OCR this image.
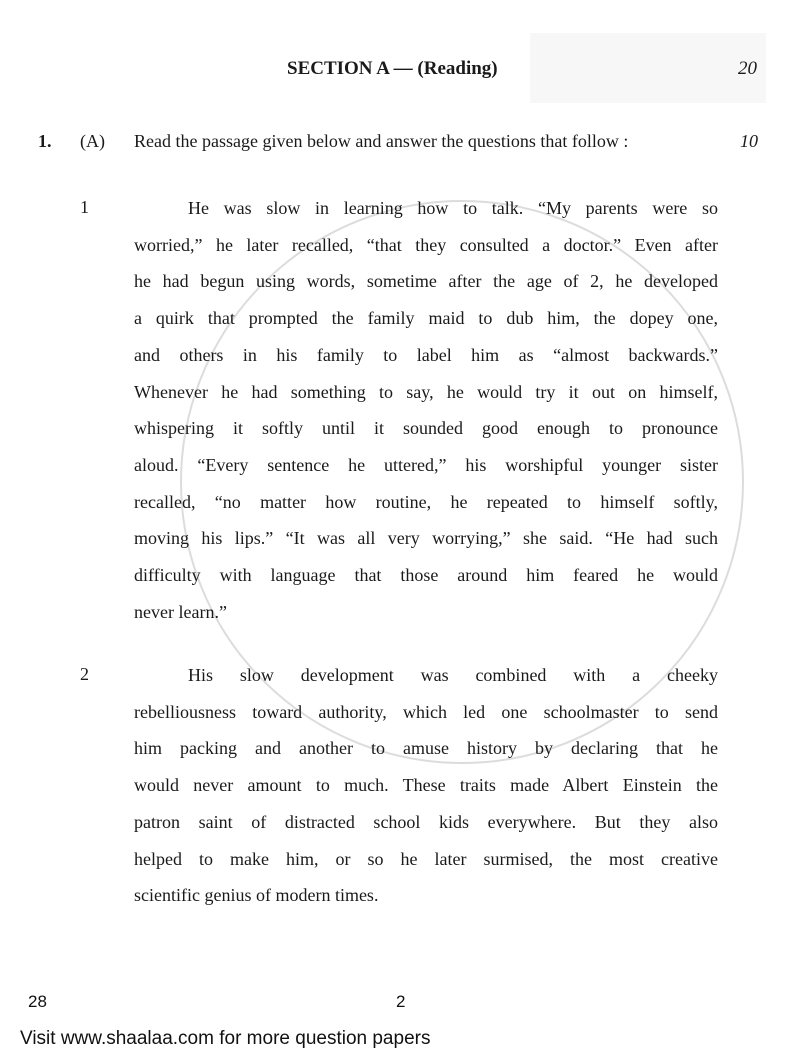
SECTION A — (Reading)	20
1. (A) Read the passage given below and answer the questions that follow :	10
1	He was slow in learning how to talk. “My parents were so
worried,” he later recalled, “that they consulted a doctor.” Even after
he had begun using words, sometime after the age of 2, he developed
a quirk that prompted the family maid to dub him, the dopey one,
and others in his family to label him as “almost backwards.”
Whenever he had something to say, he would try it out on himself,
whispering it softly until it sounded good enough to pronounce
aloud. “Every sentence he uttered,” his worshipful younger sister
recalled, “no matter how routine, he repeated to himself softly,
moving his lips.” “It was all very worrying,” she said. “He had such
difficulty with language that those around him feared he would
never learn.”
2	His slow development was combined with a cheeky
rebelliousness toward authority, which led one schoolmaster to send
him packing and another to amuse history by declaring that he
would never amount to much. These traits made Albert Einstein the
patron saint of distracted school kids everywhere. But they also
helped to make him, or so he later surmised, the most creative
scientific genius of modern times.
28	2
Visit www.shaalaa.com for more question papers
